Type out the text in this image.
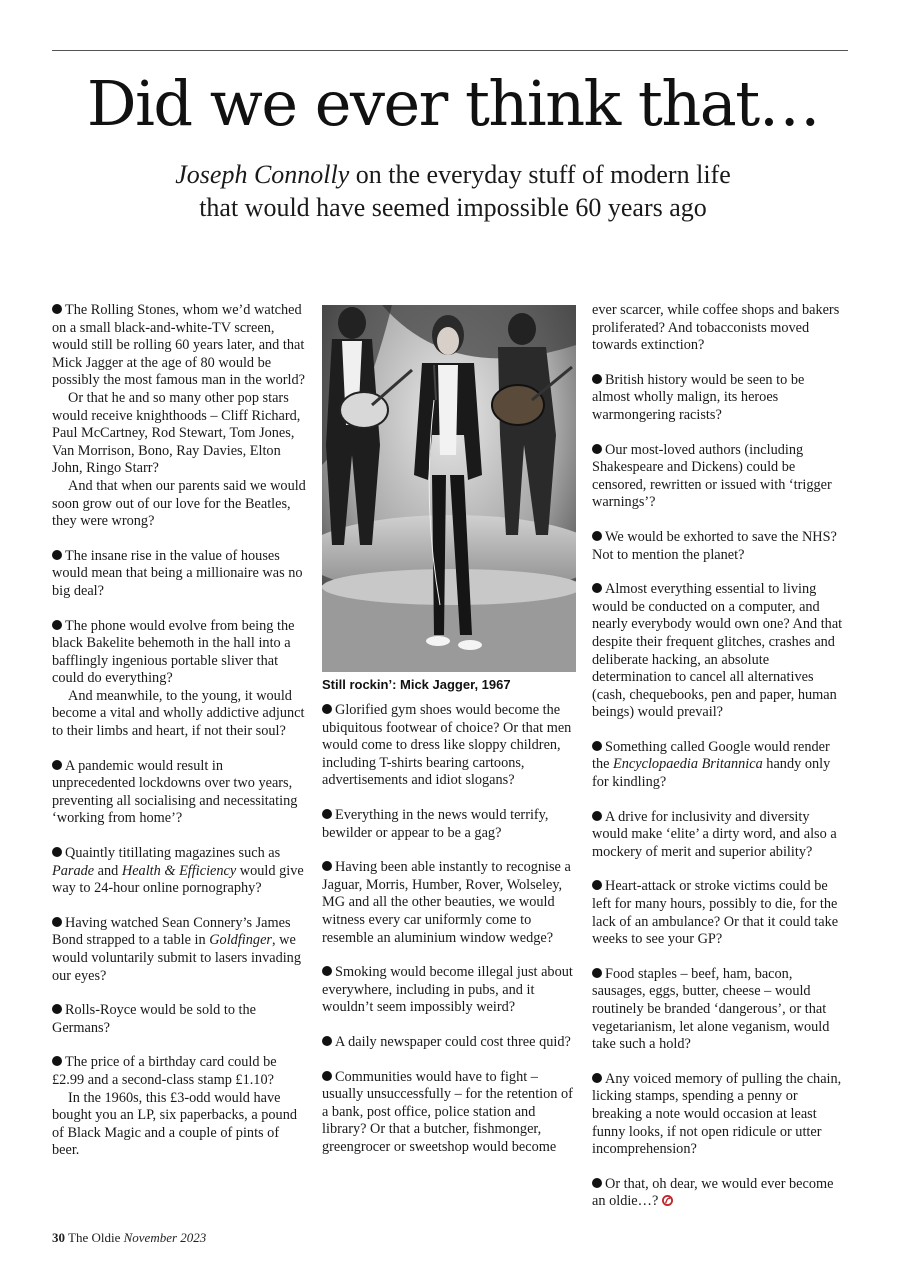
Did we ever think that…

Joseph Connolly on the everyday stuff of modern life
that would have seemed impossible 60 years ago

The Rolling Stones, whom we’d watched on a small black-and-white-TV screen, would still be rolling 60 years later, and that Mick Jagger at the age of 80 would be possibly the most famous man in the world?

Or that he and so many other pop stars would receive knighthoods – Cliff Richard, Paul McCartney, Rod Stewart, Tom Jones, Van Morrison, Bono, Ray Davies, Elton John, Ringo Starr?

And that when our parents said we would soon grow out of our love for the Beatles, they were wrong?

The insane rise in the value of houses would mean that being a millionaire was no big deal?

The phone would evolve from being the black Bakelite behemoth in the hall into a bafflingly ingenious portable sliver that could do everything?

And meanwhile, to the young, it would become a vital and wholly addictive adjunct to their limbs and heart, if not their soul?

A pandemic would result in unprecedented lockdowns over two years, preventing all socialising and necessitating ‘working from home’?

Quaintly titillating magazines such as Parade and Health & Efficiency would give way to 24-hour online pornography?

Having watched Sean Connery’s James Bond strapped to a table in Goldfinger, we would voluntarily submit to lasers invading our eyes?

Rolls-Royce would be sold to the Germans?

The price of a birthday card could be £2.99 and a second-class stamp £1.10?

In the 1960s, this £3-odd would have bought you an LP, six paperbacks, a pound of Black Magic and a couple of pints of beer.

Still rockin’: Mick Jagger, 1967

Glorified gym shoes would become the ubiquitous footwear of choice? Or that men would come to dress like sloppy children, including T-shirts bearing cartoons, advertisements and idiot slogans?

Everything in the news would terrify, bewilder or appear to be a gag?

Having been able instantly to recognise a Jaguar, Morris, Humber, Rover, Wolseley, MG and all the other beauties, we would witness every car uniformly come to resemble an aluminium window wedge?

Smoking would become illegal just about everywhere, including in pubs, and it wouldn’t seem impossibly weird?

A daily newspaper could cost three quid?

Communities would have to fight – usually unsuccessfully – for the retention of a bank, post office, police station and library? Or that a butcher, fishmonger, greengrocer or sweetshop would become

ever scarcer, while coffee shops and bakers proliferated? And tobacconists moved towards extinction?

British history would be seen to be almost wholly malign, its heroes warmongering racists?

Our most-loved authors (including Shakespeare and Dickens) could be censored, rewritten or issued with ‘trigger warnings’?

We would be exhorted to save the NHS? Not to mention the planet?

Almost everything essential to living would be conducted on a computer, and nearly everybody would own one? And that despite their frequent glitches, crashes and deliberate hacking, an absolute determination to cancel all alternatives (cash, chequebooks, pen and paper, human beings) would prevail?

Something called Google would render the Encyclopaedia Britannica handy only for kindling?

A drive for inclusivity and diversity would make ‘elite’ a dirty word, and also a mockery of merit and superior ability?

Heart-attack or stroke victims could be left for many hours, possibly to die, for the lack of an ambulance? Or that it could take weeks to see your GP?

Food staples – beef, ham, bacon, sausages, eggs, butter, cheese – would routinely be branded ‘dangerous’, or that vegetarianism, let alone veganism, would take such a hold?

Any voiced memory of pulling the chain, licking stamps, spending a penny or breaking a note would occasion at least funny looks, if not open ridicule or utter incomprehension?

Or that, oh dear, we would ever become an oldie…?

30 The Oldie November 2023
